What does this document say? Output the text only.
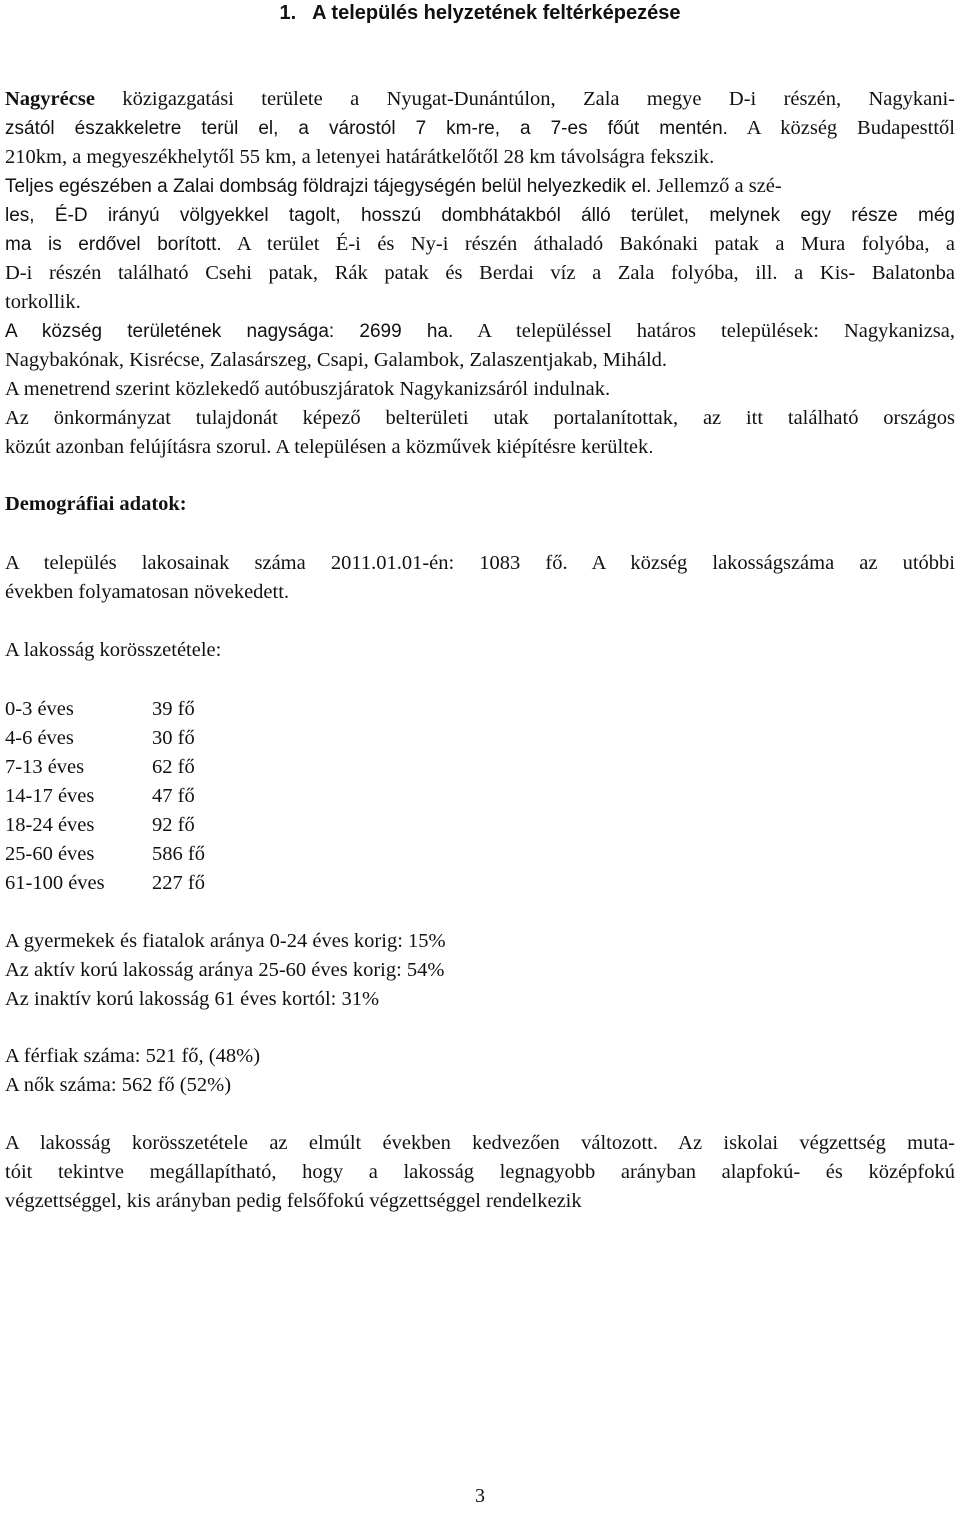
1. A település helyzetének feltérképezése

Nagyrécse közigazgatási területe a Nyugat-Dunántúlon, Zala megye D-i részén, Nagykani-
zsától északkeletre terül el, a várostól 7 km-re, a 7-es főút mentén. A község Budapesttől
210km, a megyeszékhelytől 55 km, a letenyei határátkelőtől 28 km távolságra fekszik.
Teljes egészében a Zalai dombság földrajzi tájegységén belül helyezkedik el. Jellemző a szé-
les, É-D irányú völgyekkel tagolt, hosszú dombhátakból álló terület, melynek egy része még
ma is erdővel borított. A terület É-i és Ny-i részén áthaladó Bakónaki patak a Mura folyóba, a
D-i részén található Csehi patak, Rák patak és Berdai víz a Zala folyóba, ill. a Kis- Balatonba
torkollik.
A község területének nagysága: 2699 ha. A településsel határos települések: Nagykanizsa,
Nagybakónak, Kisrécse, Zalasárszeg, Csapi, Galambok, Zalaszentjakab, Miháld.
A menetrend szerint közlekedő autóbuszjáratok Nagykanizsáról indulnak.
Az önkormányzat tulajdonát képező belterületi utak portalanítottak, az itt található országos
közút azonban felújításra szorul. A településen a közművek kiépítésre kerültek.

Demográfiai adatok:

A település lakosainak száma 2011.01.01-én: 1083 fő. A község lakosságszáma az utóbbi
években folyamatosan növekedett.

A lakosság korösszetétele:

0-3 éves	39 fő
4-6 éves	30 fő
7-13 éves	62 fő
14-17 éves	47 fő
18-24 éves	92 fő
25-60 éves	586 fő
61-100 éves	227 fő

A gyermekek és fiatalok aránya 0-24 éves korig: 15%
Az aktív korú lakosság aránya 25-60 éves korig: 54%
Az inaktív korú lakosság 61 éves kortól: 31%

A férfiak száma: 521 fő, (48%)
A nők száma: 562 fő (52%)

A lakosság korösszetétele az elmúlt években kedvezően változott. Az iskolai végzettség muta-
tóit tekintve megállapítható, hogy a lakosság legnagyobb arányban alapfokú- és középfokú
végzettséggel, kis arányban pedig felsőfokú végzettséggel rendelkezik

3
